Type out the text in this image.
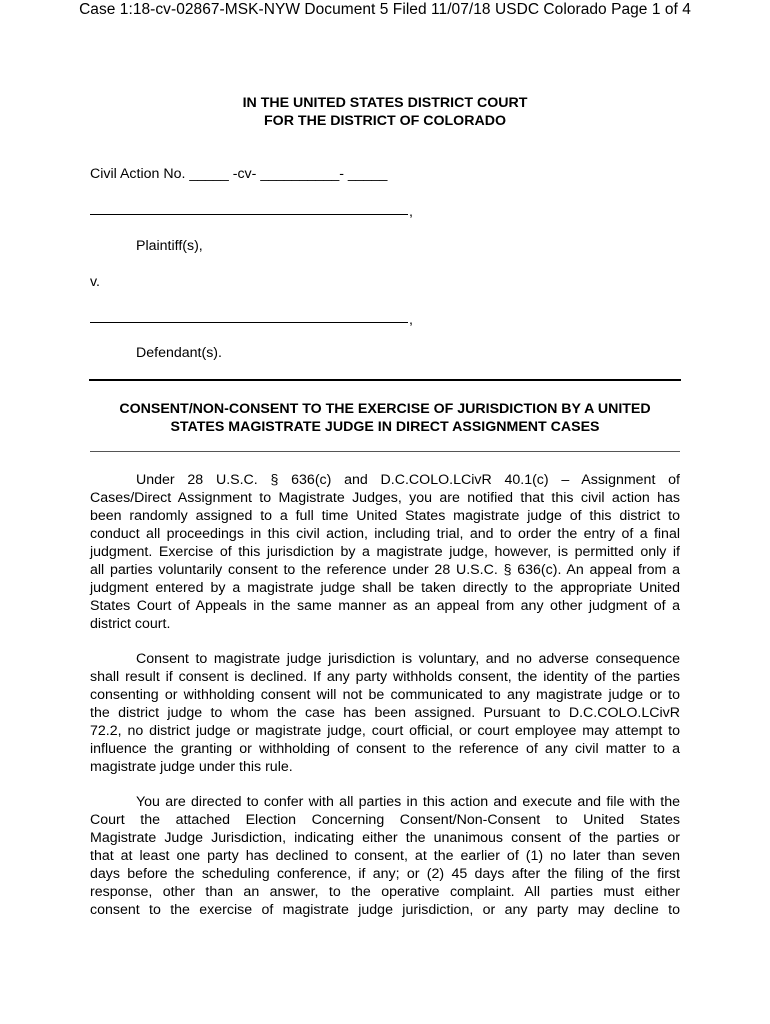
Case 1:18-cv-02867-MSK-NYW Document 5 Filed 11/07/18 USDC Colorado Page 1 of 4
IN THE UNITED STATES DISTRICT COURT
FOR THE DISTRICT OF COLORADO
Civil Action No. _____ -cv- __________- _____
,
Plaintiff(s),
v.
,
Defendant(s).
CONSENT/NON-CONSENT TO THE EXERCISE OF JURISDICTION BY A UNITED
STATES MAGISTRATE JUDGE IN DIRECT ASSIGNMENT CASES
Under 28 U.S.C. § 636(c) and D.C.COLO.LCivR 40.1(c) – Assignment of
Cases/Direct Assignment to Magistrate Judges, you are notified that this civil action has
been randomly assigned to a full time United States magistrate judge of this district to
conduct all proceedings in this civil action, including trial, and to order the entry of a final
judgment. Exercise of this jurisdiction by a magistrate judge, however, is permitted only if
all parties voluntarily consent to the reference under 28 U.S.C. § 636(c). An appeal from a
judgment entered by a magistrate judge shall be taken directly to the appropriate United
States Court of Appeals in the same manner as an appeal from any other judgment of a
district court.
Consent to magistrate judge jurisdiction is voluntary, and no adverse consequence
shall result if consent is declined. If any party withholds consent, the identity of the parties
consenting or withholding consent will not be communicated to any magistrate judge or to
the district judge to whom the case has been assigned. Pursuant to D.C.COLO.LCivR
72.2, no district judge or magistrate judge, court official, or court employee may attempt to
influence the granting or withholding of consent to the reference of any civil matter to a
magistrate judge under this rule.
You are directed to confer with all parties in this action and execute and file with the
Court the attached Election Concerning Consent/Non-Consent to United States
Magistrate Judge Jurisdiction, indicating either the unanimous consent of the parties or
that at least one party has declined to consent, at the earlier of (1) no later than seven
days before the scheduling conference, if any; or (2) 45 days after the filing of the first
response, other than an answer, to the operative complaint. All parties must either
consent to the exercise of magistrate judge jurisdiction, or any party may decline to
